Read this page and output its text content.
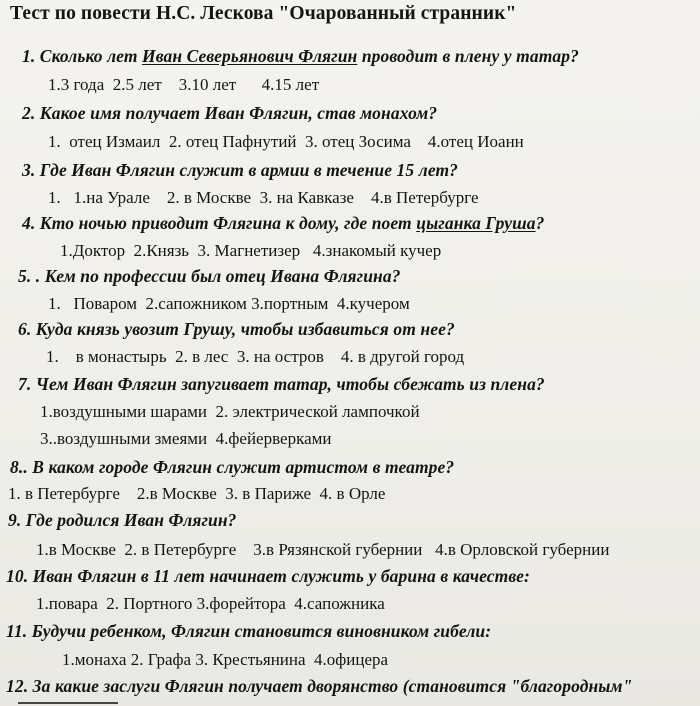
Тест по повести Н.С. Лескова "Очарованный странник"
1. Сколько лет Иван Северьянович Флягин проводит в плену у татар?
1.3 года  2.5 лет    3.10 лет      4.15 лет
2. Какое имя получает Иван Флягин, став монахом?
1.  отец Измаил  2. отец Пафнутий  3. отец Зосима    4.отец Иоанн
3. Где Иван Флягин служит в армии в течение 15 лет?
1.   1.на Урале    2. в Москве  3. на Кавказе    4.в Петербурге
4. Кто ночью приводит Флягина к дому, где поет цыганка Груша?
1.Доктор  2.Князь  3. Магнетизер   4.знакомый кучер
5. . Кем по профессии был отец Ивана Флягина?
1.   Поваром  2.сапожником 3.портным  4.кучером
6. Куда князь увозит Грушу, чтобы избавиться от нее?
1.    в монастырь  2. в лес  3. на остров    4. в другой город
7. Чем Иван Флягин запугивает татар, чтобы сбежать из плена?
1.воздушными шарами  2. электрической лампочкой
3..воздушными змеями  4.фейерверками
8.. В каком городе Флягин служит артистом в театре?
1. в Петербурге    2.в Москве  3. в Париже  4. в Орле
9. Где родился Иван Флягин?
1.в Москве  2. в Петербурге    3.в Рязянской губернии   4.в Орловской губернии
10. Иван Флягин в 11 лет начинает служить у барина в качестве:
1.повара  2. Портного 3.форейтора  4.сапожника
11. Будучи ребенком, Флягин становится виновником гибели:
1.монаха 2. Графа 3. Крестьянина  4.офицера
12. За какие заслуги Флягин получает дворянство (становится "благородным"
